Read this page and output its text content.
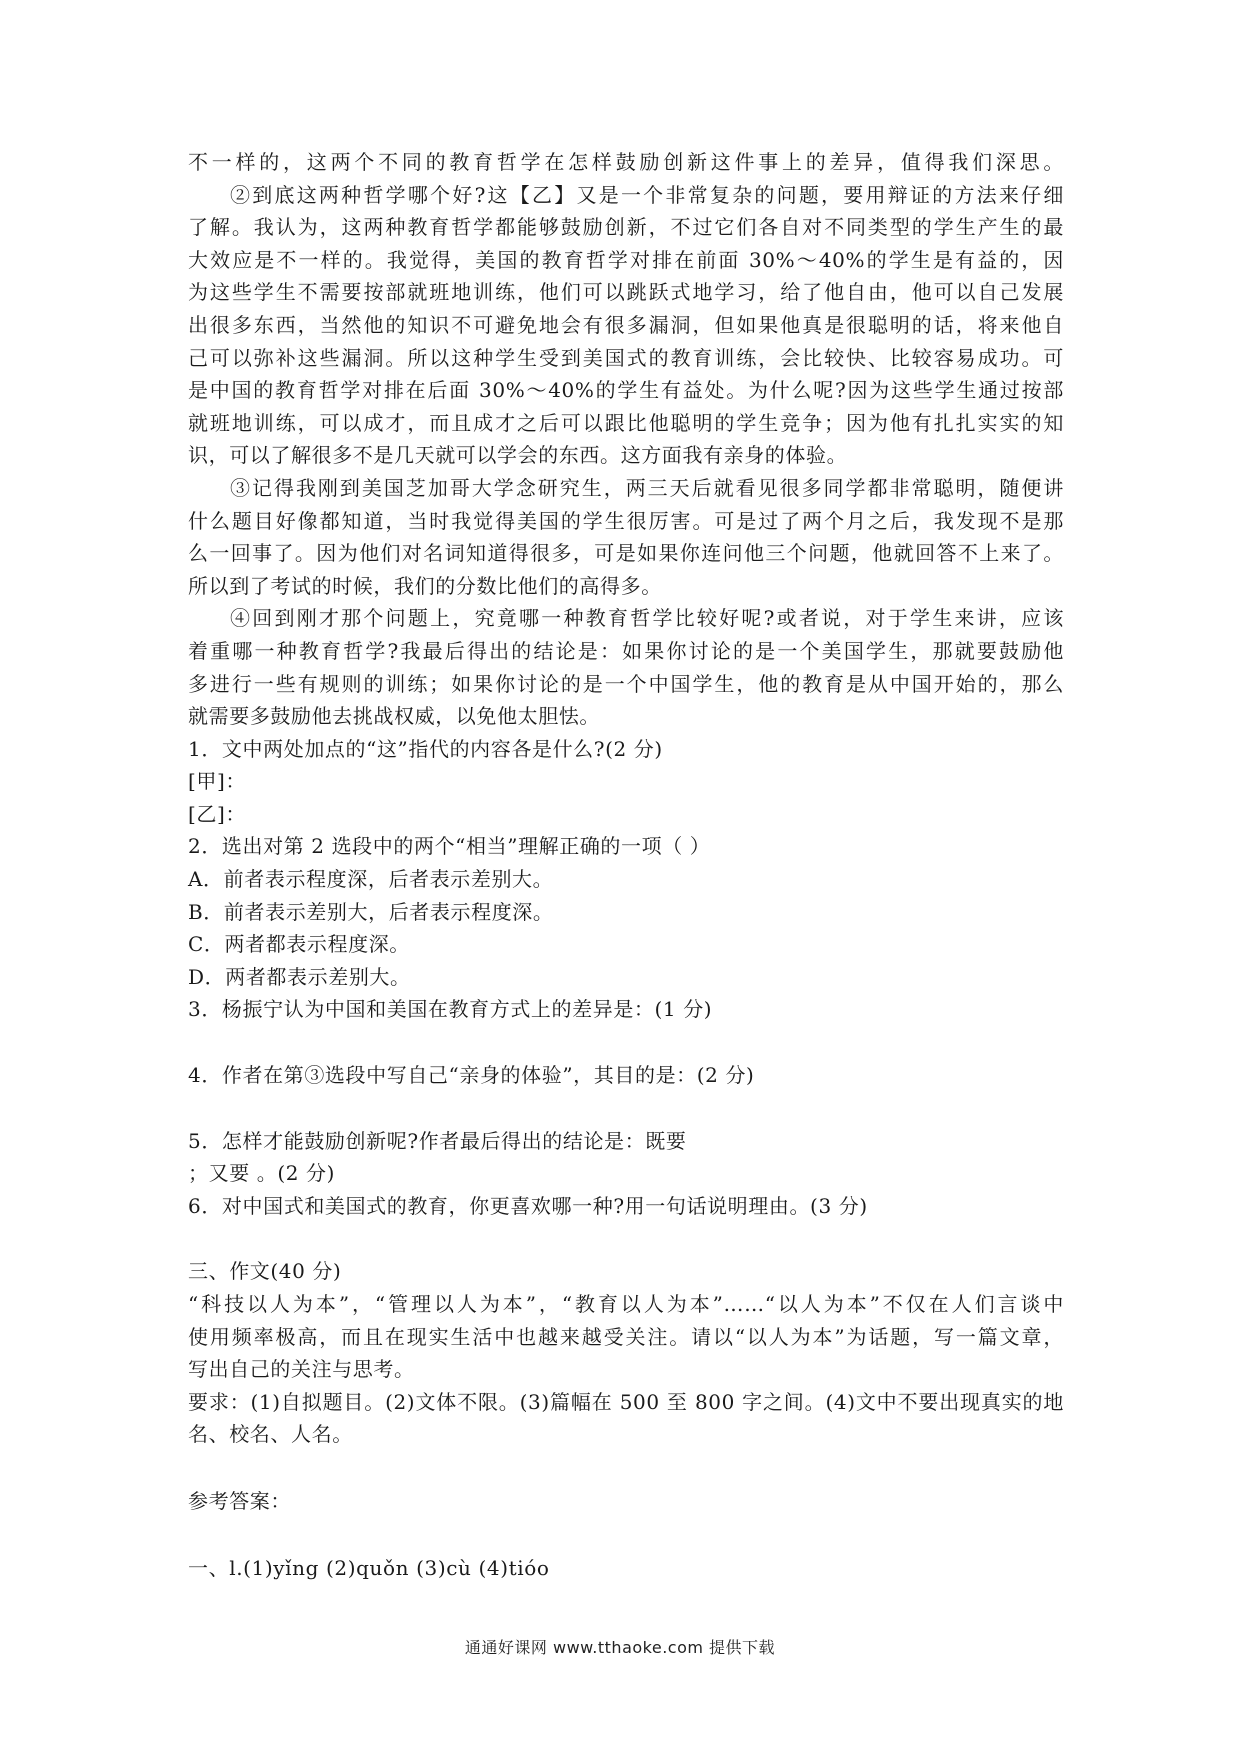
不一样的，这两个不同的教育哲学在怎样鼓励创新这件事上的差异，值得我们深思。
②到底这两种哲学哪个好?这【乙】又是一个非常复杂的问题，要用辩证的方法来仔细
了解。我认为，这两种教育哲学都能够鼓励创新，不过它们各自对不同类型的学生产生的最
大效应是不一样的。我觉得，美国的教育哲学对排在前面 30%～40%的学生是有益的，因
为这些学生不需要按部就班地训练，他们可以跳跃式地学习，给了他自由，他可以自己发展
出很多东西，当然他的知识不可避免地会有很多漏洞，但如果他真是很聪明的话，将来他自
己可以弥补这些漏洞。所以这种学生受到美国式的教育训练，会比较快、比较容易成功。可
是中国的教育哲学对排在后面 30%～40%的学生有益处。为什么呢?因为这些学生通过按部
就班地训练，可以成才，而且成才之后可以跟比他聪明的学生竞争；因为他有扎扎实实的知
识，可以了解很多不是几天就可以学会的东西。这方面我有亲身的体验。
③记得我刚到美国芝加哥大学念研究生，两三天后就看见很多同学都非常聪明，随便讲
什么题目好像都知道，当时我觉得美国的学生很厉害。可是过了两个月之后，我发现不是那
么一回事了。因为他们对名词知道得很多，可是如果你连问他三个问题，他就回答不上来了。
所以到了考试的时候，我们的分数比他们的高得多。
④回到刚才那个问题上，究竟哪一种教育哲学比较好呢?或者说，对于学生来讲，应该
着重哪一种教育哲学?我最后得出的结论是：如果你讨论的是一个美国学生，那就要鼓励他
多进行一些有规则的训练；如果你讨论的是一个中国学生，他的教育是从中国开始的，那么
就需要多鼓励他去挑战权威，以免他太胆怯。
1．文中两处加点的“这”指代的内容各是什么?(2 分)
[甲]：
[乙]：
2．选出对第 2 选段中的两个“相当”理解正确的一项（ ）
A．前者表示程度深，后者表示差别大。
B．前者表示差别大，后者表示程度深。
C．两者都表示程度深。
D．两者都表示差别大。
3．杨振宁认为中国和美国在教育方式上的差异是：(1 分)
4．作者在第③选段中写自己“亲身的体验”，其目的是：(2 分)
5．怎样才能鼓励创新呢?作者最后得出的结论是：既要
；又要 。(2 分)
6．对中国式和美国式的教育，你更喜欢哪一种?用一句话说明理由。(3 分)
三、作文(40 分)
“科技以人为本”，“管理以人为本”，“教育以人为本”……“以人为本”不仅在人们言谈中
使用频率极高，而且在现实生活中也越来越受关注。请以“以人为本”为话题，写一篇文章，
写出自己的关注与思考。
要求：(1)自拟题目。(2)文体不限。(3)篇幅在 500 至 800 字之间。(4)文中不要出现真实的地
名、校名、人名。
参考答案：
一、l.(1)yǐng (2)quǒn (3)cù (4)tióo
通通好课网 www.tthaoke.com 提供下载
